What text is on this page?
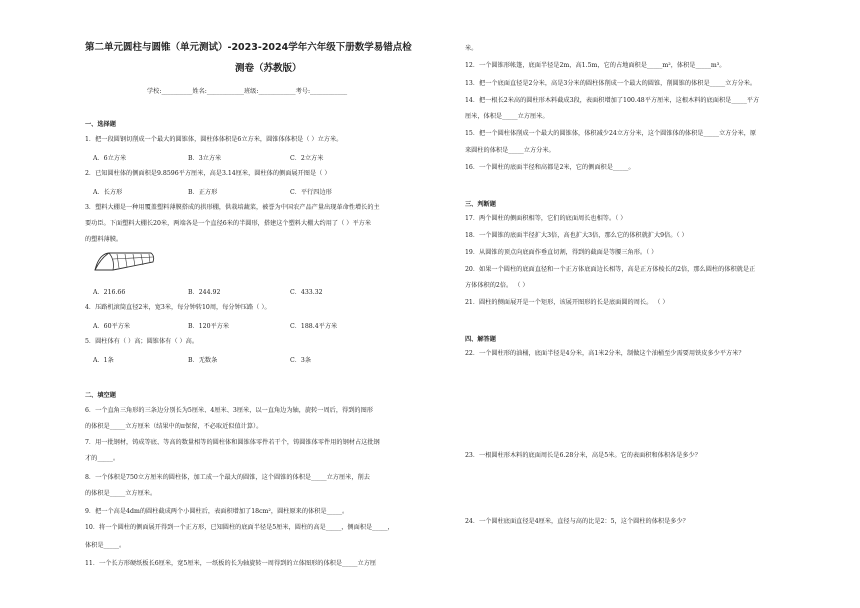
第二单元圆柱与圆锥（单元测试）-2023-2024学年六年级下册数学易错点检
测卷（苏教版）
学校:__________姓名:____________班级:____________考号:____________
一、选择题
1．把一段圆钢切削成一个最大的圆锥体，圆柱体体积是6立方米，圆锥体体积是（ ）立方米。
A．6立方米	B．3立方米	C．2立方米
2．已知圆柱体的侧面积是9.8596平方厘米，高是3.14厘米，圆柱体的侧面展开图是（ ）
A．长方形	B．正方形	C．平行四边形
3．塑料大棚是一种用覆盖塑料薄膜搭成的拱形棚，供栽培蔬菜，被誉为中国农产品产量出现革命性增长的主
要功臣。下面塑料大棚长20米，两端各是一个直径6米的半圆形，搭建这个塑料大棚大约用了（ ）平方米
的塑料薄膜。
A．216.66	B．244.92	C．433.32
4．压路机滚筒直径2米，宽3米，每分钟转10周，每分钟压路（ ）。
A．60平方米	B．120平方米	C．188.4平方米
5．圆柱体有（ ）高；圆锥体有（ ）高。
A．1条	B．无数条	C．3条
二、填空题
6．一个直角三角形的三条边分别长为5厘米、4厘米、3厘米，以一直角边为轴，旋转一周后，得到的图形
的体积是_____立方厘米（结果中的π保留，不必取近似值计算）。
7．用一批钢材，铸成等底、等高的数量相等的圆柱体和圆锥体零件若干个，铸圆锥体零件用的钢材占这批钢
才的_____。
8．一个体积是750立方厘米的圆柱体，加工成一个最大的圆锥，这个圆锥的体积是_____立方厘米，削去
的体积是_____立方厘米。
9．把一个高是4dm的圆柱截成两个小圆柱后，表面积增加了18cm²，圆柱原来的体积是_____。
10．将一个圆柱的侧面展开得到一个正方形，已知圆柱的底面半径是5厘米，圆柱的高是_____，侧面积是_____，
体积是_____。
11．一个长方形硬纸板长6厘米，宽5厘米，一纸板的长为轴旋转一周得到的立体图形的体积是_____立方厘
米。
12．一个圆锥形帐篷，底面半径是2m，高1.5m，它的占地面积是_____m²，体积是_____m³。
13．把一个底面直径是2分米，高是3分米的圆柱体削成一个最大的圆锥，削圆锥的体积是_____立方分米。
14．把一根长2米高的圆柱形木料截成3段，表面积增加了100.48平方厘米，这根木料的底面积是_____平方
厘米，体积是_____立方厘米。
15．把一个圆柱体削成一个最大的圆锥体，体积减少24立方分米，这个圆锥体的体积是_____立方分米，原
来圆柱的体积是_____立方分米。
16．一个圆柱的底面半径和高都是2米，它的侧面积是_____。
三、判断题
17．两个圆柱的侧面积相等，它们的底面周长也相等。（ ）
18．一个圆锥的底面半径扩大3倍，高也扩大3倍，那么它的体积就扩大9倍。（ ）
19．从圆锥的顶点向底面作垂直切割，得到的截面是等腰三角形。（ ）
20．如果一个圆柱的底面直径和一个正方体底面边长相等，高是正方体棱长的2倍，那么圆柱的体积就是正
方体体积的2倍。 （ ）
21．圆柱的侧面展开是一个矩形，该展开图形的长是底面圆的周长。 （ ）
四、解答题
22．一个圆柱形的油桶，底面半径是4分米，高1米2分米，制做这个油桶至少需要用铁皮多少平方米？
23．一根圆柱形木料的底面周长是6.28分米，高是5米。它的表面积和体积各是多少？
24．一个圆柱底面直径是4厘米，直径与高的比是2：5，这个圆柱的体积是多少？
